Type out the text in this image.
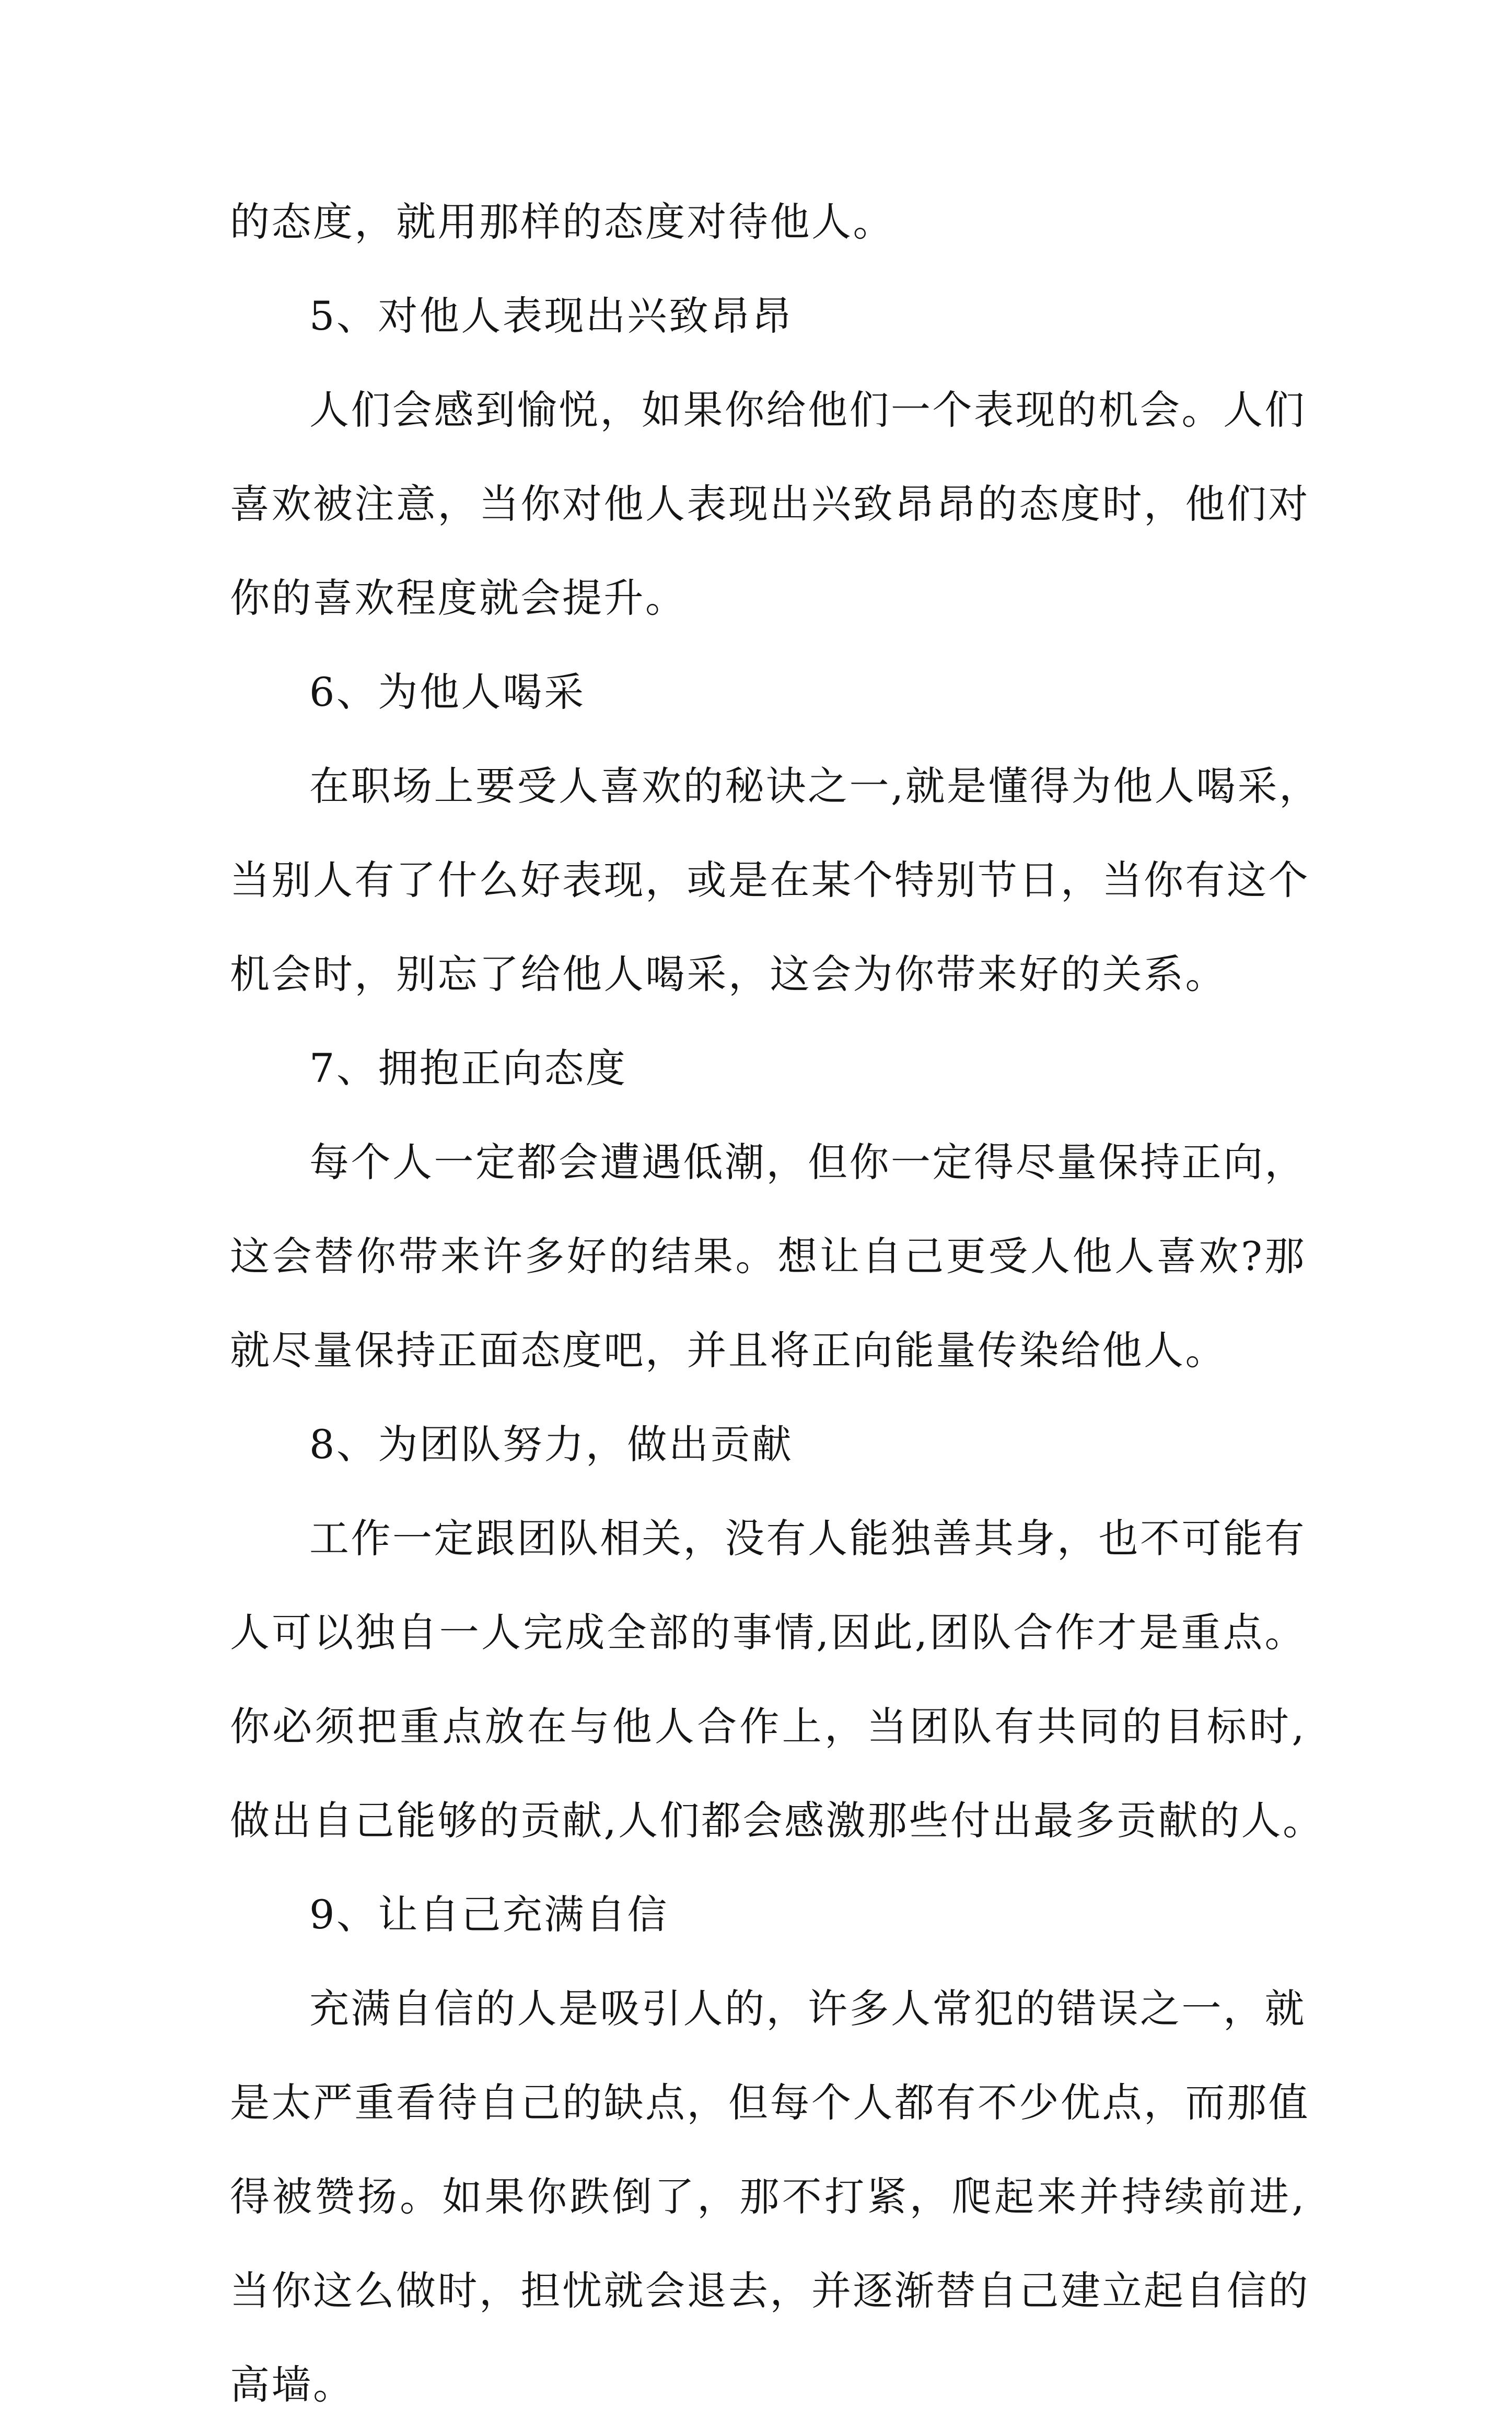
的态度，就用那样的态度对待他人。
5、对他人表现出兴致昂昂
人们会感到愉悦，如果你给他们一个表现的机会。人们
喜欢被注意，当你对他人表现出兴致昂昂的态度时，他们对
你的喜欢程度就会提升。
6、为他人喝采
在职场上要受人喜欢的秘诀之一,就是懂得为他人喝采，
当别人有了什么好表现，或是在某个特别节日，当你有这个
机会时，别忘了给他人喝采，这会为你带来好的关系。
7、拥抱正向态度
每个人一定都会遭遇低潮，但你一定得尽量保持正向，
这会替你带来许多好的结果。想让自己更受人他人喜欢?那
就尽量保持正面态度吧，并且将正向能量传染给他人。
8、为团队努力，做出贡献
工作一定跟团队相关，没有人能独善其身，也不可能有
人可以独自一人完成全部的事情,因此,团队合作才是重点。
你必须把重点放在与他人合作上，当团队有共同的目标时,
做出自己能够的贡献,人们都会感激那些付出最多贡献的人。
9、让自己充满自信
充满自信的人是吸引人的，许多人常犯的错误之一，就
是太严重看待自己的缺点，但每个人都有不少优点，而那值
得被赞扬。如果你跌倒了，那不打紧，爬起来并持续前进,
当你这么做时，担忧就会退去，并逐渐替自己建立起自信的
高墙。
